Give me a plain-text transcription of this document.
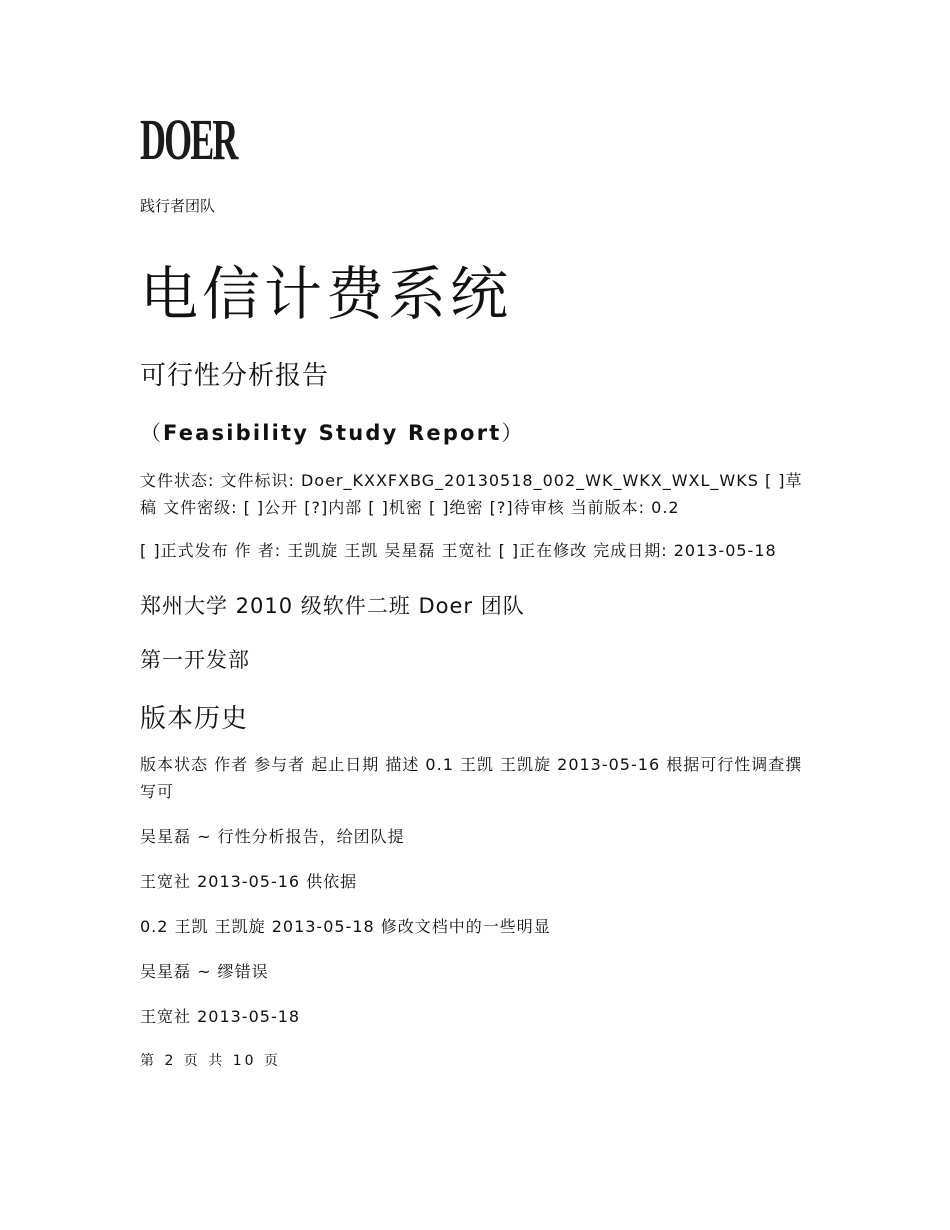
DOER
践行者团队
电信计费系统
可行性分析报告
（Feasibility Study Report）
文件状态: 文件标识: Doer_KXXFXBG_20130518_002_WK_WKX_WXL_WKS [ ]草稿 文件密级: [ ]公开 [?]内部 [ ]机密 [ ]绝密 [?]待审核 当前版本: 0.2
[ ]正式发布 作 者: 王凯旋 王凯 吴星磊 王宽社 [ ]正在修改 完成日期: 2013-05-18
郑州大学 2010 级软件二班 Doer 团队
第一开发部
版本历史
版本状态 作者 参与者 起止日期 描述 0.1 王凯 王凯旋 2013-05-16 根据可行性调查撰写可
吴星磊 ~ 行性分析报告，给团队提
王宽社 2013-05-16 供依据
0.2 王凯 王凯旋 2013-05-18 修改文档中的一些明显
吴星磊 ~ 缪错误
王宽社 2013-05-18
第 2 页 共 10 页
